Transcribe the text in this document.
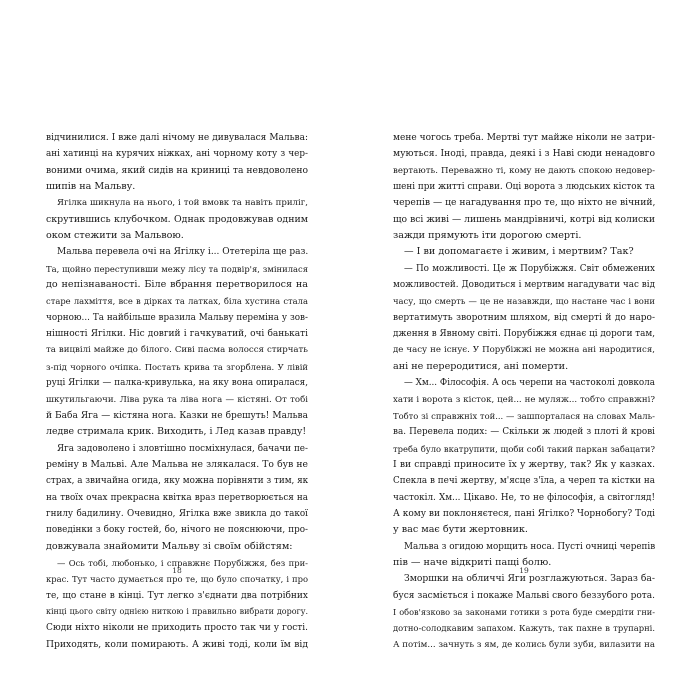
відчинилися. І вже далі нічому не дивувалася Мальва:
ані хатинці на курячих ніжках, ані чорному коту з чер-
воними очима, який сидів на криниці та невдоволено
шипів на Мальву.
Ягілка шикнула на нього, і той вмовк та навіть приліг,
скрутившись клубочком. Однак продовжував одним
оком стежити за Мальвою.
Мальва перевела очі на Ягілку і... Отетеріла ще раз.
Та, щойно переступивши межу лісу та подвір'я, змінилася
до непізнаваності. Біле вбрання перетворилося на
старе лахміття, все в дірках та латках, біла хустина стала
чорною... Та найбільше вразила Мальву переміна у зов-
нішності Ягілки. Ніс довгий і гачкуватий, очі банькаті
та вицвілі майже до білого. Сиві пасма волосся стирчать
з-під чорного очіпка. Постать крива та згорблена. У лівій
руці Ягілки — палка-кривулька, на яку вона опиралася,
шкутильгаючи. Ліва рука та ліва нога — кістяні. От тобі
й Баба Яга — кістяна нога. Казки не брешуть! Мальва
ледве стримала крик. Виходить, і Лед казав правду!
Яга задоволено і зловтішно посміхнулася, бачачи пе-
реміну в Мальві. Але Мальва не злякалася. То був не
страх, а звичайна огида, яку можна порівняти з тим, як
на твоїх очах прекрасна квітка враз перетворюється на
гнилу бадилину. Очевидно, Ягілка вже звикла до такої
поведінки з боку гостей, бо, нічого не пояснюючи, про-
довжувала знайомити Мальву зі своїм обійстям:
— Ось тобі, любонько, і справжнє Порубіжжя, без при-
крас. Тут часто думається про те, що було спочатку, і про
те, що стане в кінці. Тут легко з'єднати два потрібних
кінці цього світу однією ниткою і правильно вибрати дорогу.
Сюди ніхто ніколи не приходить просто так чи у гості.
Приходять, коли помирають. А живі тоді, коли їм від
мене чогось треба. Мертві тут майже ніколи не затри-
муються. Іноді, правда, деякі і з Наві сюди ненадовго
вертають. Переважно ті, кому не дають спокою недовер-
шені при житті справи. Оці ворота з людських кісток та
черепів — це нагадування про те, що ніхто не вічний,
що всі живі — лишень мандрівничі, котрі від колиски
зажди прямують іти дорогою смерті.
— І ви допомагаєте і живим, і мертвим? Так?
— По можливості. Це ж Порубіжжя. Світ обмежених
можливостей. Доводиться і мертвим нагадувати час від
часу, що смерть — це не назавжди, що настане час і вони
вертатимуть зворотним шляхом, від смерті й до наро-
дження в Явному світі. Порубіжжя єднає ці дороги там,
де часу не існує. У Порубіжжі не можна ані народитися,
ані не переродитися, ані померти.
— Хм... Філософія. А ось черепи на частоколі довкола
хати і ворота з кісток, цей... не муляж... тобто справжні?
Тобто зі справжніх той... — зашпорталася на словах Маль-
ва. Перевела подих: — Скільки ж людей з плоті й крові
треба було вкатрупити, щоби собі такий паркан забацати?
І ви справді приносите їх у жертву, так? Як у казках.
Спекла в печі жертву, м'ясце з'їла, а череп та кістки на
частокіл. Хм... Цікаво. Не, то не філософія, а світогляд!
А кому ви поклоняєтеся, пані Ягілко? Чорнобогу? Тоді
у вас має бути жертовник.
Мальва з огидою морщить носа. Пусті очниці черепів
пів — наче відкриті пащі болю.
Зморшки на обличчі Яги розглажуються. Зараз ба-
буся засміється і покаже Мальві свого беззубого рота.
І обов'язково за законами готики з рота буде смердіти гни-
дотно-солодкавим запахом. Кажуть, так пахне в трупарні.
А потім... зачнуть з ям, де колись були зуби, вилазити на
18	19
